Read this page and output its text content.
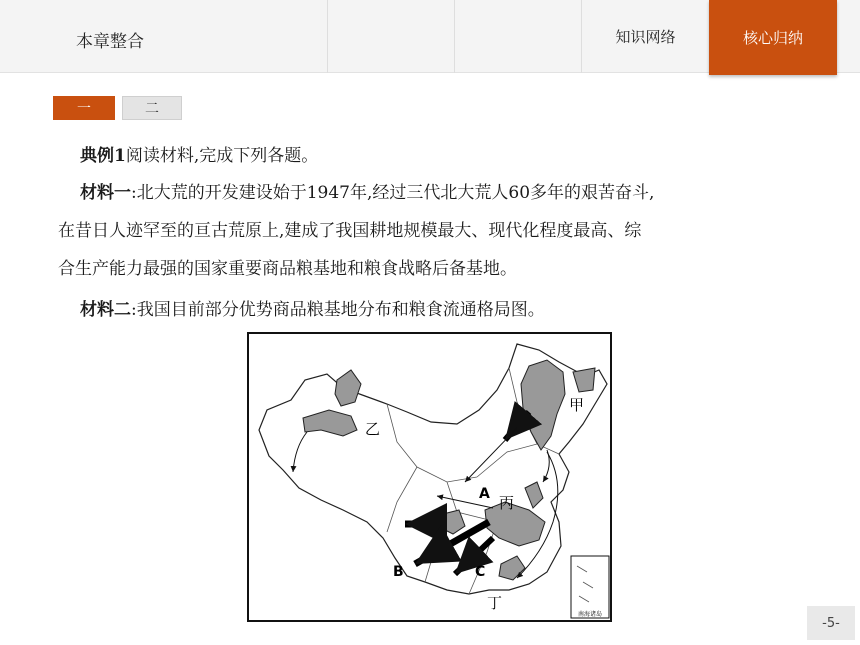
本章整合	知识网络	核心归纳
一	二
典例1阅读材料,完成下列各题。
材料一:北大荒的开发建设始于1947年,经过三代北大荒人60多年的艰苦奋斗,
在昔日人迹罕至的亘古荒原上,建成了我国耕地规模最大、现代化程度最高、综
合生产能力最强的国家重要商品粮基地和粮食战略后备基地。
材料二:我国目前部分优势商品粮基地分布和粮食流通格局图。
南海诸岛
甲
乙
丙
丁
A
B	C
-5-
